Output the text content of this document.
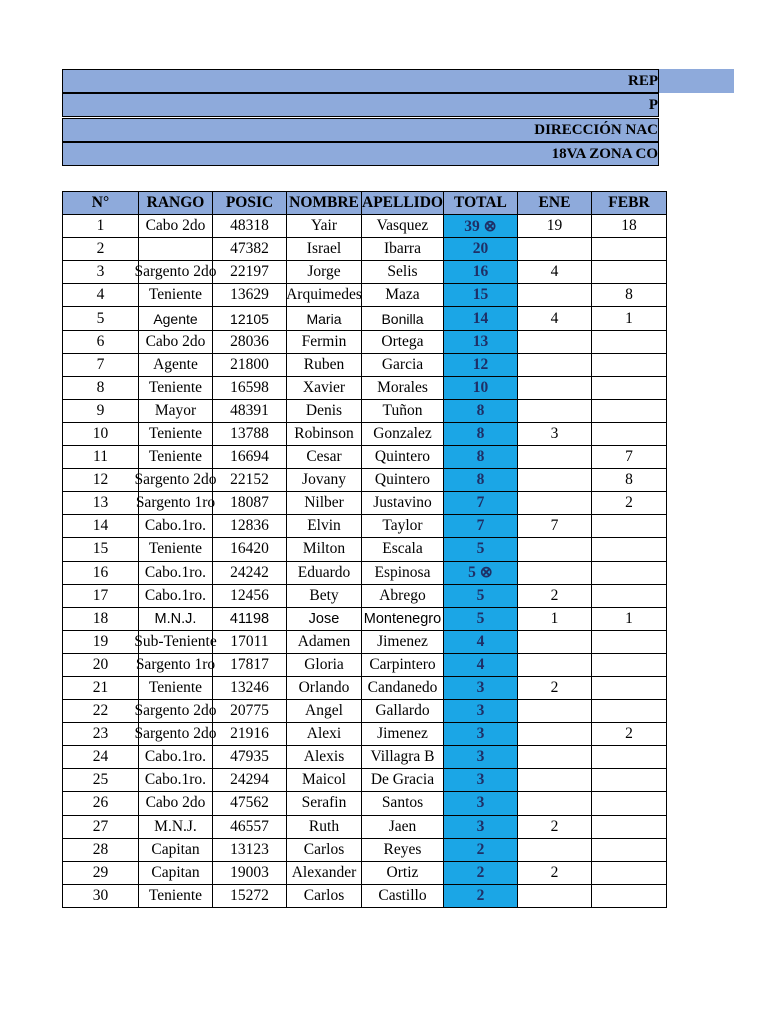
REP
P
DIRECCIÓN NAC
18VA ZONA CO
N°	RANGO	POSIC	NOMBRE	APELLIDO	TOTAL	ENE	FEBR
1	Cabo 2do	48318	Yair	Vasquez	39 ⊗	19	18
2		47382	Israel	Ibarra	20		
3	Sargento 2do	22197	Jorge	Selis	16	4	
4	Teniente	13629	Arquimedes	Maza	15		8
5	Agente	12105	Maria	Bonilla	14	4	1
6	Cabo 2do	28036	Fermin	Ortega	13		
7	Agente	21800	Ruben	Garcia	12		
8	Teniente	16598	Xavier	Morales	10		
9	Mayor	48391	Denis	Tuñon	8		
10	Teniente	13788	Robinson	Gonzalez	8	3	
11	Teniente	16694	Cesar	Quintero	8		7
12	Sargento 2do	22152	Jovany	Quintero	8		8
13	Sargento 1ro	18087	Nilber	Justavino	7		2
14	Cabo.1ro.	12836	Elvin	Taylor	7	7	
15	Teniente	16420	Milton	Escala	5		
16	Cabo.1ro.	24242	Eduardo	Espinosa	5 ⊗		
17	Cabo.1ro.	12456	Bety	Abrego	5	2	
18	M.N.J.	41198	Jose	Montenegro	5	1	1
19	Sub-Teniente	17011	Adamen	Jimenez	4		
20	Sargento 1ro	17817	Gloria	Carpintero	4		
21	Teniente	13246	Orlando	Candanedo	3	2	
22	Sargento 2do	20775	Angel	Gallardo	3		
23	Sargento 2do	21916	Alexi	Jimenez	3		2
24	Cabo.1ro.	47935	Alexis	Villagra B	3		
25	Cabo.1ro.	24294	Maicol	De Gracia	3		
26	Cabo 2do	47562	Serafin	Santos	3		
27	M.N.J.	46557	Ruth	Jaen	3	2	
28	Capitan	13123	Carlos	Reyes	2		
29	Capitan	19003	Alexander	Ortiz	2	2	
30	Teniente	15272	Carlos	Castillo	2		
